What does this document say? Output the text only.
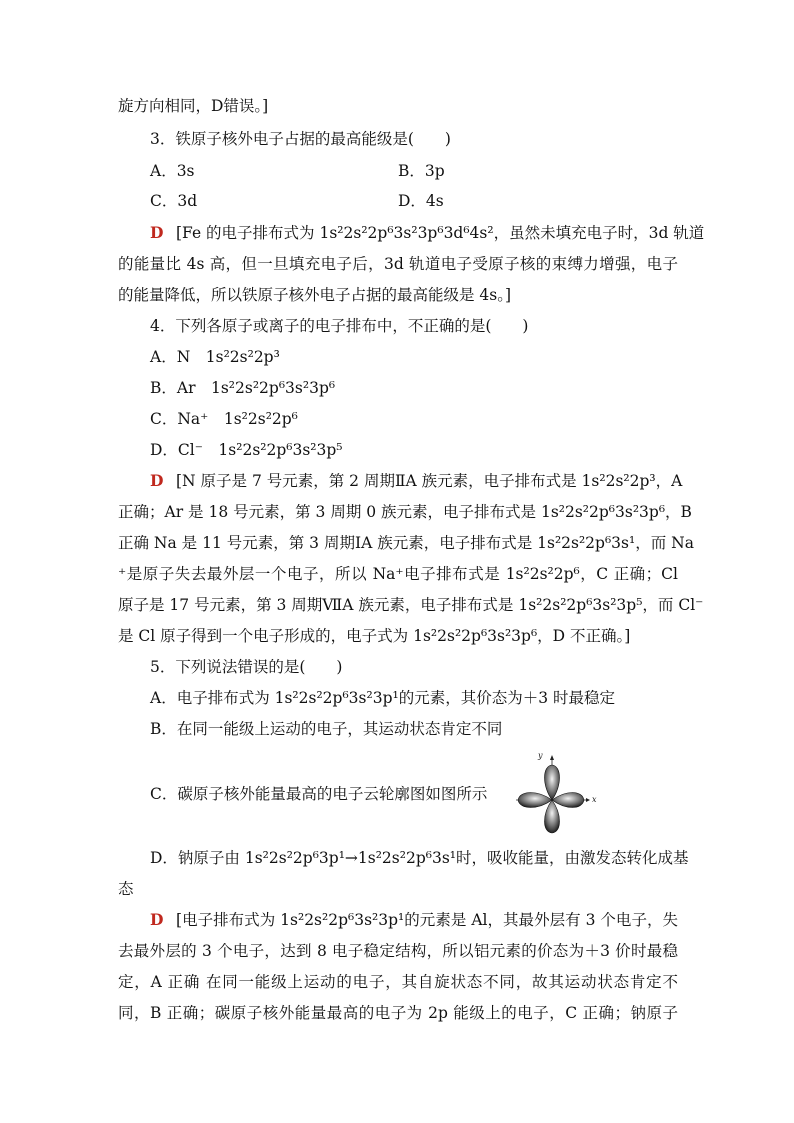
旋方向相同，D错误。]
3．铁原子核外电子占据的最高能级是(　　)
A．3s	B．3p
C．3d	D．4s
D [Fe 的电子排布式为 1s²2s²2p⁶3s²3p⁶3d⁶4s²，虽然未填充电子时，3d 轨道
的能量比 4s 高，但一旦填充电子后，3d 轨道电子受原子核的束缚力增强，电子
的能量降低，所以铁原子核外电子占据的最高能级是 4s。]
4．下列各原子或离子的电子排布中，不正确的是(　　)
A．N　1s²2s²2p³
B．Ar　1s²2s²2p⁶3s²3p⁶
C．Na⁺　1s²2s²2p⁶
D．Cl⁻　1s²2s²2p⁶3s²3p⁵
D [N 原子是 7 号元素，第 2 周期ⅡA 族元素，电子排布式是 1s²2s²2p³，A
正确；Ar 是 18 号元素，第 3 周期 0 族元素，电子排布式是 1s²2s²2p⁶3s²3p⁶，B
正确 Na 是 11 号元素，第 3 周期ⅠA 族元素，电子排布式是 1s²2s²2p⁶3s¹，而 Na
⁺是原子失去最外层一个电子，所以 Na⁺电子排布式是 1s²2s²2p⁶，C 正确；Cl
原子是 17 号元素，第 3 周期ⅦA 族元素，电子排布式是 1s²2s²2p⁶3s²3p⁵，而 Cl⁻
是 Cl 原子得到一个电子形成的，电子式为 1s²2s²2p⁶3s²3p⁶，D 不正确。]
5．下列说法错误的是(　　)
A．电子排布式为 1s²2s²2p⁶3s²3p¹的元素，其价态为＋3 时最稳定
B．在同一能级上运动的电子，其运动状态肯定不同
C．碳原子核外能量最高的电子云轮廓图如图所示	x
y
D．钠原子由 1s²2s²2p⁶3p¹→1s²2s²2p⁶3s¹时，吸收能量，由激发态转化成基
态
D [电子排布式为 1s²2s²2p⁶3s²3p¹的元素是 Al，其最外层有 3 个电子，失
去最外层的 3 个电子，达到 8 电子稳定结构，所以铝元素的价态为＋3 价时最稳
定，A 正确 在同一能级上运动的电子，其自旋状态不同，故其运动状态肯定不
同，B 正确；碳原子核外能量最高的电子为 2p 能级上的电子，C 正确；钠原子
